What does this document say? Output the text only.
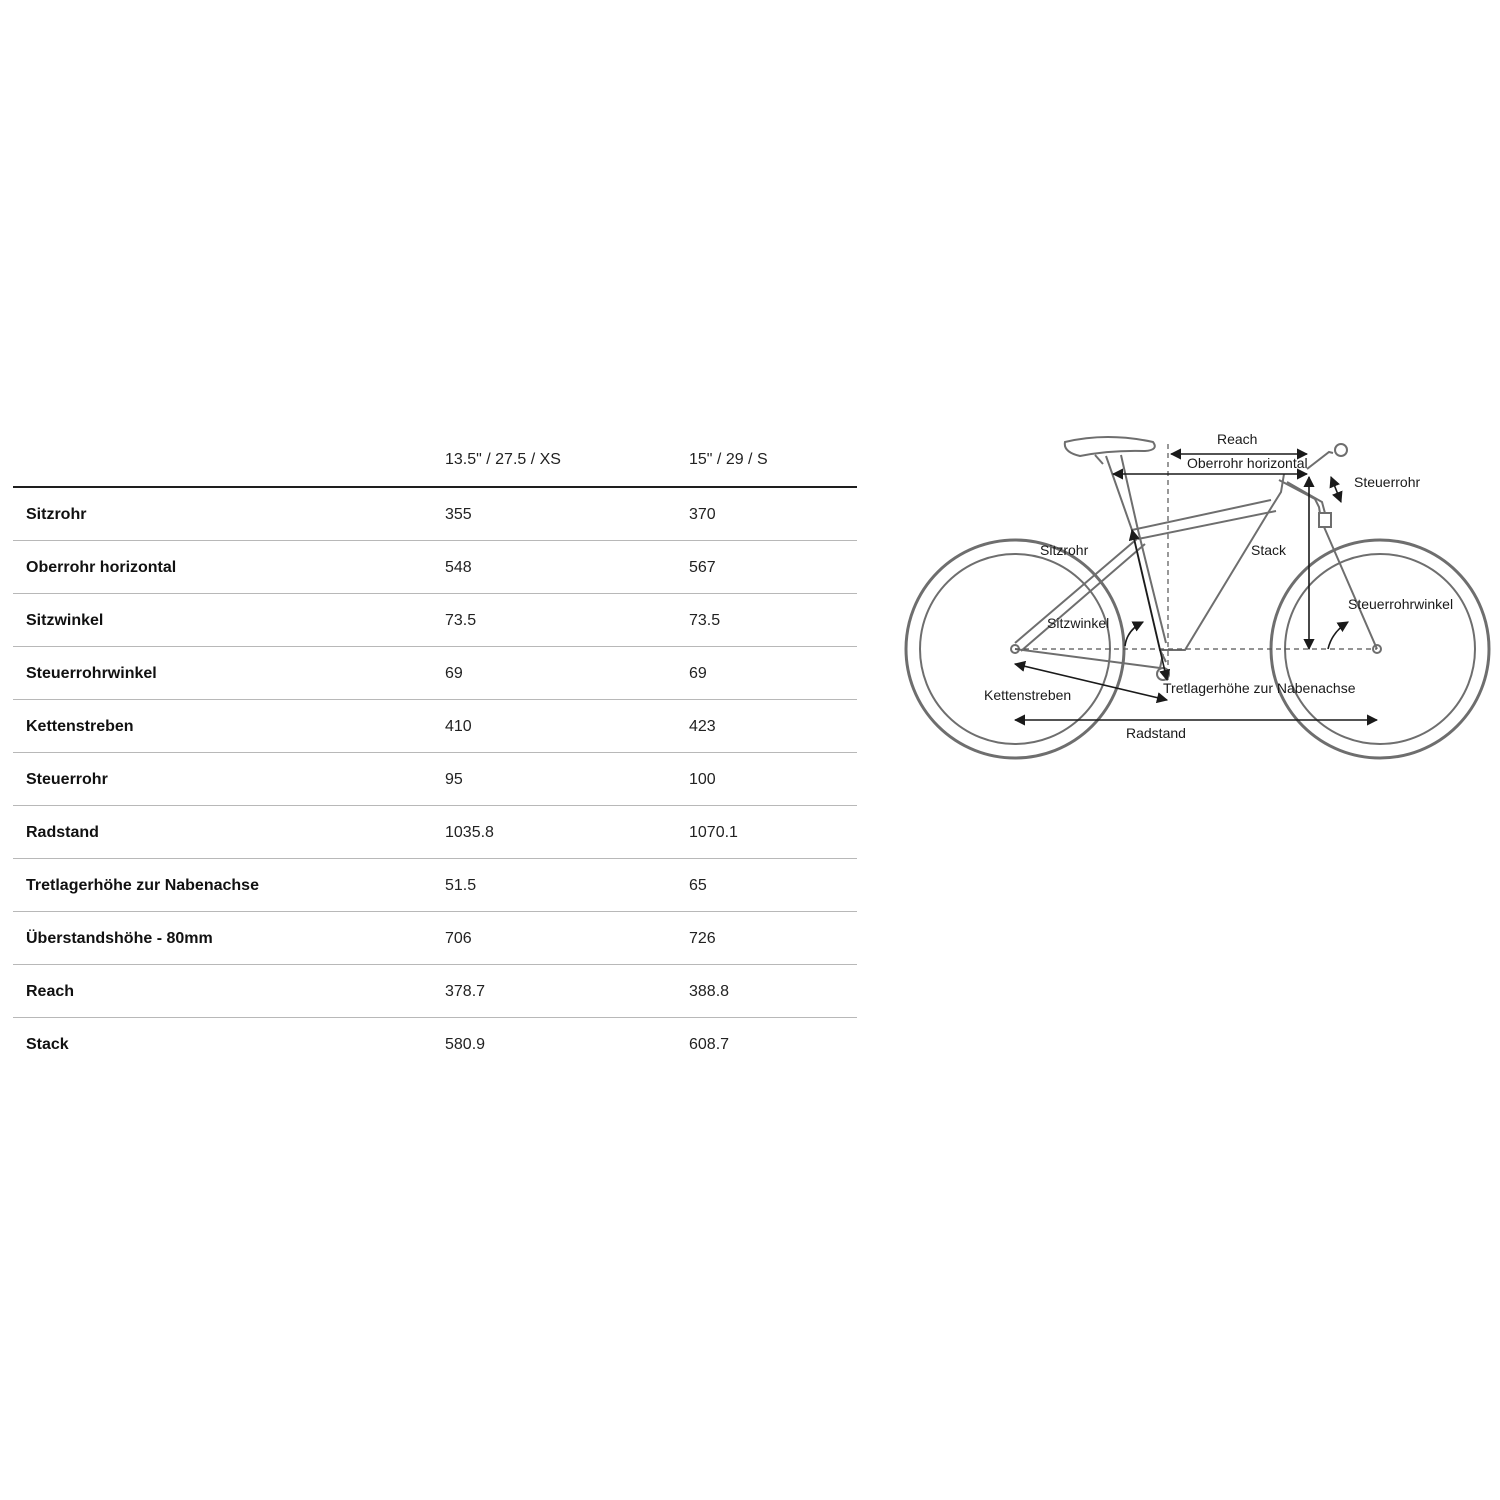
13.5" / 27.5 / XS	15" / 29 / S
Sitzrohr	355	370
Oberrohr horizontal	548	567
Sitzwinkel	73.5	73.5
Steuerrohrwinkel	69	69
Kettenstreben	410	423
Steuerrohr	95	100
Radstand	1035.8	1070.1
Tretlagerhöhe zur Nabenachse	51.5	65
Überstandshöhe - 80mm	706	726
Reach	378.7	388.8
Stack	580.9	608.7
Reach
Oberrohr horizontal
Steuerrohr
Sitzrohr	Stack
Steuerrohrwinkel
Sitzwinkel
Kettenstreben	Tretlagerhöhe zur Nabenachse
Radstand
